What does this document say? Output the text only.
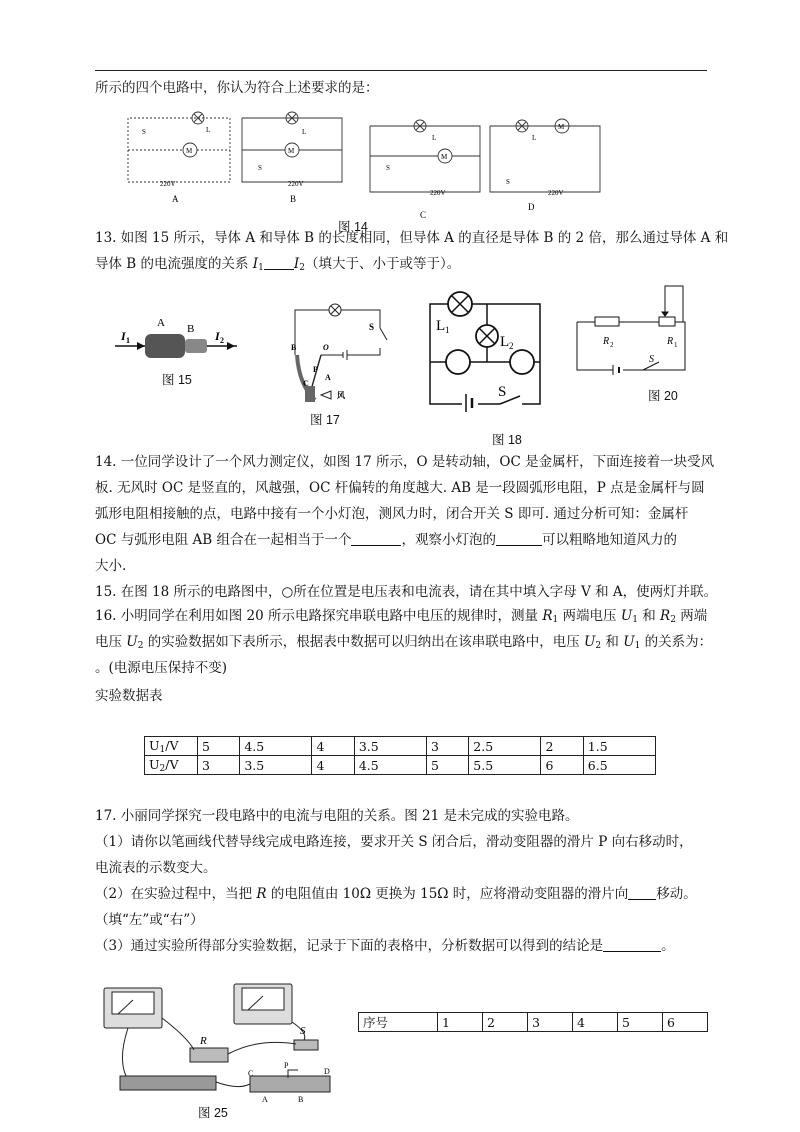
所示的四个电路中，你认为符合上述要求的是：
S	L
M
220V
A
M
L
S
220V
B
M
L
S
220V
C
M
L
S
220V
D
图 14
13. 如图 15 所示，导体 A 和导体 B 的长度相同，但导体 A 的直径是导体 B 的 2 倍，那么通过导体 A 和
导体 B 的电流强度的关系 $I_1$ $I_2$（填大于、小于或等于）。
A B
I 1	I 2
图 15
S
O
B
P
A
C
风
图 17
L 1
L 2
S
图 18
R 2	R 1
S
图 20
14. 一位同学设计了一个风力测定仪，如图 17 所示，O 是转动轴，OC 是金属杆，下面连接着一块受风
板. 无风时 OC 是竖直的，风越强，OC 杆偏转的角度越大. AB 是一段圆弧形电阻，P 点是金属杆与圆
弧形电阻相接触的点，电路中接有一个小灯泡，测风力时，闭合开关 S 即可. 通过分析可知：金属杆
OC 与弧形电阻 AB 组合在一起相当于一个	，观察小灯泡的	可以粗略地知道风力的
大小.
15. 在图 18 所示的电路图中，○所在位置是电压表和电流表，请在其中填入字母 V 和 A，使两灯并联。
16. 小明同学在利用如图 20 所示电路探究串联电路中电压的规律时，测量 $R_1$ 两端电压 $U_1$ 和 $R_2$ 两端
电压 $U_2$ 的实验数据如下表所示，根据表中数据可以归纳出在该串联电路中，电压 $U_2$ 和 $U_1$ 的关系为：
。(电源电压保持不变)
实验数据表
$U_1/V$	5	4.5	4	3.5	3	2.5	2	1.5
$U_2/V$	3	3.5	4	4.5	5	5.5	6	6.5
17. 小丽同学探究一段电路中的电流与电阻的关系。图 21 是未完成的实验电路。
（1）请你以笔画线代替导线完成电路连接，要求开关 S 闭合后，滑动变阻器的滑片 P 向右移动时，
电流表的示数变大。
（2）在实验过程中，当把 R 的电阻值由 10Ω 更换为 15Ω 时，应将滑动变阻器的滑片向 移动。
（填“左”或“右”）
（3）通过实验所得部分实验数据，记录于下面的表格中，分析数据可以得到的结论是	。
R
S
C
P
D
A	B
图 25
序号	1	2	3	4	5	6
